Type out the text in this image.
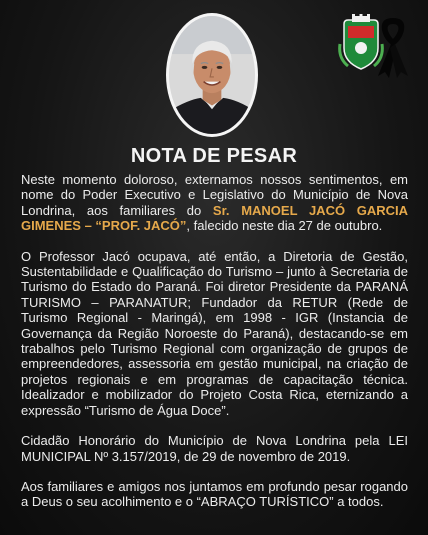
NOTA DE PESAR

Neste momento doloroso, externamos nossos sentimentos, em nome do Poder Executivo e Legislativo do Município de Nova Londrina, aos familiares do Sr. MANOEL JACÓ GARCIA GIMENES – “PROF. JACÓ”, falecido neste dia 27 de outubro.

O Professor Jacó ocupava, até então, a Diretoria de Gestão, Sustentabilidade e Qualificação do Turismo – junto à Secretaria de Turismo do Estado do Paraná. Foi diretor Presidente da PARANÁ TURISMO – PARANATUR; Fundador da RETUR (Rede de Turismo Regional - Maringá), em 1998 - IGR (Instancia de Governança da Região Noroeste do Paraná), destacando-se em trabalhos pelo Turismo Regional com organização de grupos de empreendedores, assessoria em gestão municipal, na criação de projetos regionais e em programas de capacitação técnica. Idealizador e mobilizador do Projeto Costa Rica, eternizando a expressão “Turismo de Água Doce”.

Cidadão Honorário do Município de Nova Londrina pela LEI MUNICIPAL Nº 3.157/2019, de 29 de novembro de 2019.

Aos familiares e amigos nos juntamos em profundo pesar rogando a Deus o seu acolhimento e o “ABRAÇO TURÍSTICO” a todos.
